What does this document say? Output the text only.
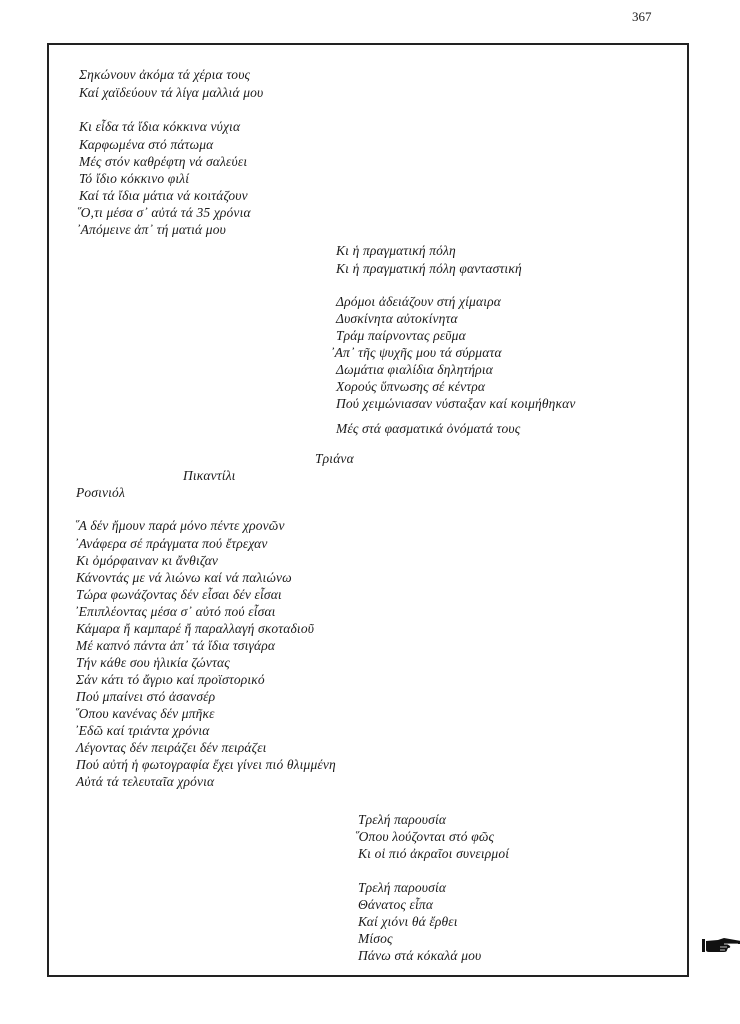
367
Σηκώνουν ἀκόμα τά χέρια τους
Καί χαϊδεύουν τά λίγα μαλλιά μου
Κι εἶδα τά ἴδια κόκκινα νύχια
Καρφωμένα στό πάτωμα
Μές στόν καθρέφτη νά σαλεύει
Τό ἴδιο κόκκινο φιλί
Καί τά ἴδια μάτια νά κοιτάζουν
῞Ο,τι μέσα σ᾽ αὐτά τά 35 χρόνια
᾽Απόμεινε ἀπ᾽ τή ματιά μου
Κι ἡ πραγματική πόλη
Κι ἡ πραγματική πόλη φανταστική
Δρόμοι ἀδειάζουν στή χίμαιρα
Δυσκίνητα αὐτοκίνητα
Τράμ παίρνοντας ρεῦμα
᾽Απ᾽ τῆς ψυχῆς μου τά σύρματα
Δωμάτια φιαλίδια δηλητήρια
Χορούς ὕπνωσης σέ κέντρα
Πού χειμώνιασαν νύσταξαν καί κοιμήθηκαν
Μές στά φασματικά ὀνόματά τους
Τριάνα
Πικαντίλι
Ροσινιόλ
῞Α δέν ἤμουν παρά μόνο πέντε χρονῶν
᾽Ανάφερα σέ πράγματα πού ἔτρεχαν
Κι ὀμόρφαιναν κι ἄνθιζαν
Κάνοντάς με νά λιώνω καί νά παλιώνω
Τώρα φωνάζοντας δέν εἶσαι δέν εἶσαι
᾽Επιπλέοντας μέσα σ᾽ αὐτό πού εἶσαι
Κάμαρα ἤ καμπαρέ ἤ παραλλαγή σκοταδιοῦ
Μέ καπνό πάντα ἀπ᾽ τά ἴδια τσιγάρα
Τήν κάθε σου ἡλικία ζώντας
Σάν κάτι τό ἄγριο καί προϊστορικό
Πού μπαίνει στό ἀσανσέρ
῞Οπου κανένας δέν μπῆκε
᾽Εδῶ καί τριάντα χρόνια
Λέγοντας δέν πειράζει δέν πειράζει
Πού αὐτή ἡ φωτογραφία ἔχει γίνει πιό θλιμμένη
Αὐτά τά τελευταῖα χρόνια
Τρελή παρουσία
῞Οπου λούζονται στό φῶς
Κι οἱ πιό ἀκραῖοι συνειρμοί
Τρελή παρουσία
Θάνατος εἶπα
Καί χιόνι θά ἔρθει
Μίσος
Πάνω στά κόκαλά μου
